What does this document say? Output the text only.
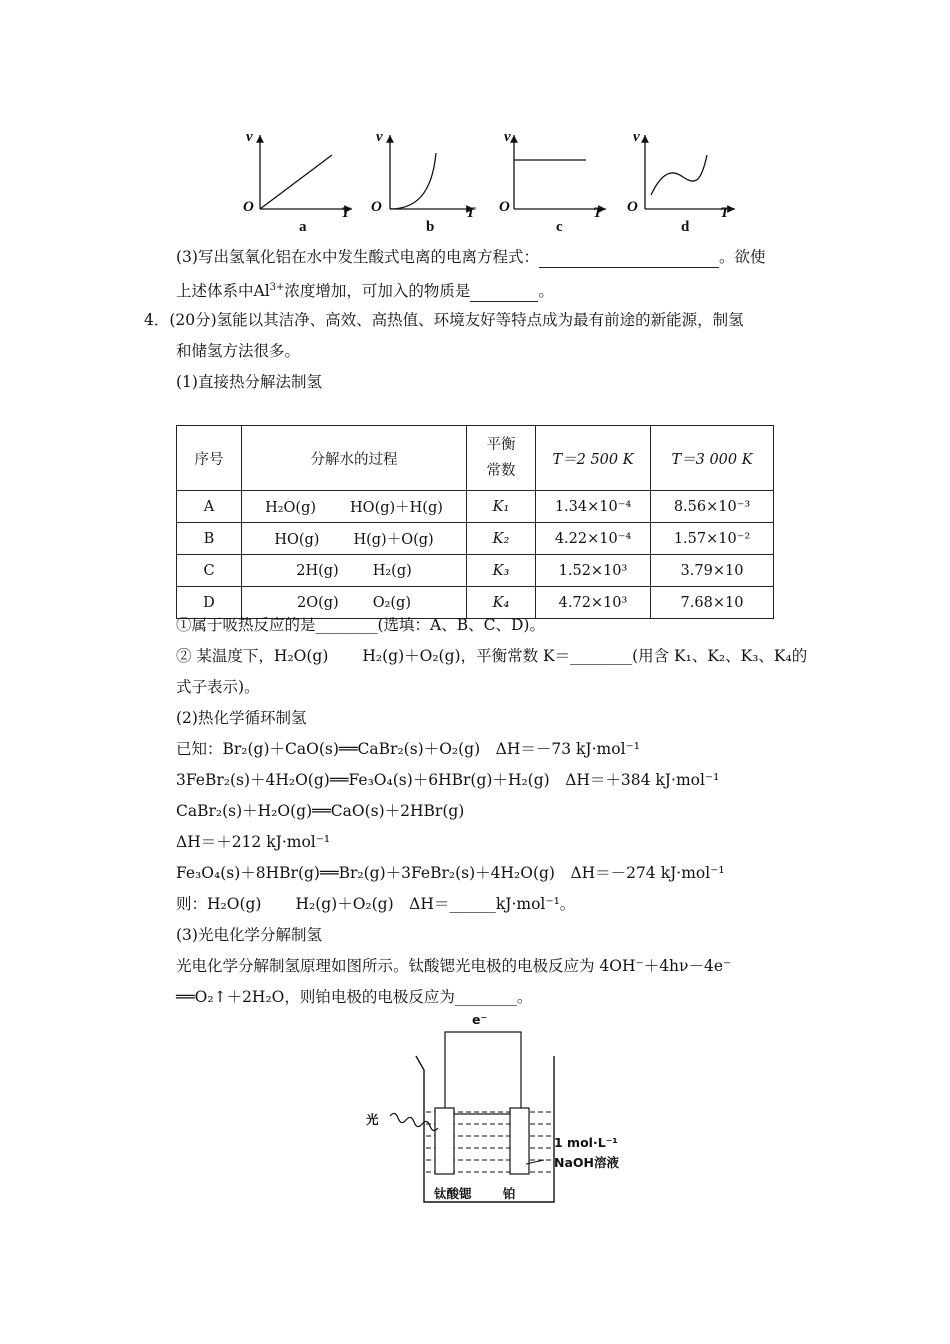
v
O	T
a
v
O	T
b
v
O	T
c
v
O	T
d
(3)写出氢氧化铝在水中发生酸式电离的电离方程式：	。欲使
上述体系中$Al^{3+}$浓度增加，可加入的物质是	。
4．(20分)氢能以其洁净、高效、高热值、环境友好等特点成为最有前途的新能源，制氢
和储氢方法很多。
(1)直接热分解法制氢
序号	分解水的过程	平衡
常数	T＝2 500 K	T＝3 000 K
A	H₂O(g) HO(g)＋H(g)	K₁	1.34×10⁻⁴	8.56×10⁻³
B	HO(g) H(g)＋O(g)	K₂	4.22×10⁻⁴	1.57×10⁻²
C	2H(g) H₂(g)	K₃	1.52×10³	3.79×10
D	2O(g) O₂(g)	K₄	4.72×10³	7.68×10
①属于吸热反应的是________(选填：A、B、C、D)。
② 某温度下，H₂O(g) H₂(g)＋O₂(g)，平衡常数 K＝________(用含 K₁、K₂、K₃、K₄的
式子表示)。
(2)热化学循环制氢
已知：Br₂(g)＋CaO(s)══CaBr₂(s)＋O₂(g)　ΔH＝－73 kJ·mol⁻¹
3FeBr₂(s)＋4H₂O(g)══Fe₃O₄(s)＋6HBr(g)＋H₂(g)　ΔH＝＋384 kJ·mol⁻¹
CaBr₂(s)＋H₂O(g)══CaO(s)＋2HBr(g)
ΔH＝＋212 kJ·mol⁻¹
Fe₃O₄(s)＋8HBr(g)══Br₂(g)＋3FeBr₂(s)＋4H₂O(g)　ΔH＝－274 kJ·mol⁻¹
则：H₂O(g) H₂(g)＋O₂(g)　ΔH＝______kJ·mol⁻¹。
(3)光电化学分解制氢
光电化学分解制氢原理如图所示。钛酸锶光电极的电极反应为 4OH⁻＋4hν－4e⁻
══O₂↑＋2H₂O，则铂电极的电极反应为________。
e⁻
光
1 mol·L⁻¹
NaOH溶液
钛酸锶	铂
